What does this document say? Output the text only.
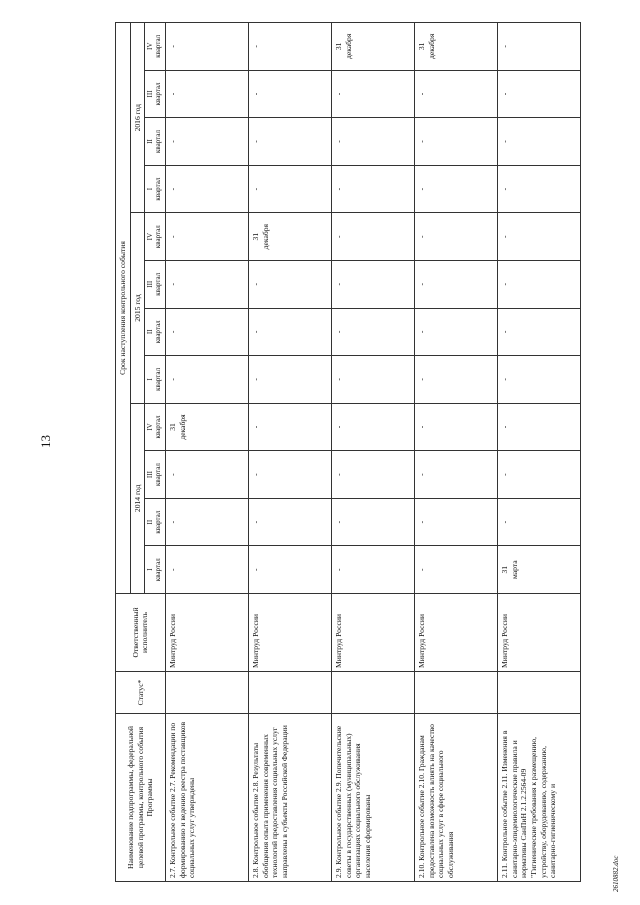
13
2610882.doc
Наименование подпрограммы, федеральной целевой программы, контрольного события Программы	Статус*	Ответственный исполнитель	Срок наступления контрольного события											
			2014 год				2015 год				2016 год			
			I
квартал	II
квартал	III
квартал	IV
квартал	I
квартал	II
квартал	III
квартал	IV
квартал	I
квартал	II
квартал	III
квартал	IV
квартал
2.7. Контрольное событие 2.7. Рекомендации по формированию и ведению реестра поставщиков социальных услуг утверждены		Минтруд России	-	-	-	31
декабря	-	-	-	-	-	-	-	-
2.8. Контрольное событие 2.8. Результаты обобщения опыта применения современных технологий предоставления социальных услуг направлены в субъекты Российской Федерации		Минтруд России	-	-	-	-	-	-	-	31
декабря	-	-	-	-
2.9. Контрольное событие 2.9. Попечительские советы в государственных (муниципальных) организациях социального обслуживания населения сформированы		Минтруд России	-	-	-	-	-	-	-	-	-	-	-	31
декабря
2.10. Контрольное событие 2.10. Гражданам предоставлена возможность влиять на качество социальных услуг в сфере социального обслуживания		Минтруд России	-	-	-	-	-	-	-	-	-	-	-	31
декабря
2.11. Контрольное событие 2.11. Изменения в санитарно-эпидемиологические правила и нормативы СанПиН 2.1.2.2564-09 "Гигиенические требования к размещению, устройству, оборудованию, содержанию, санитарно-гигиеническому и		Минтруд России	31
марта	-	-	-	-	-	-	-	-	-	-	-
